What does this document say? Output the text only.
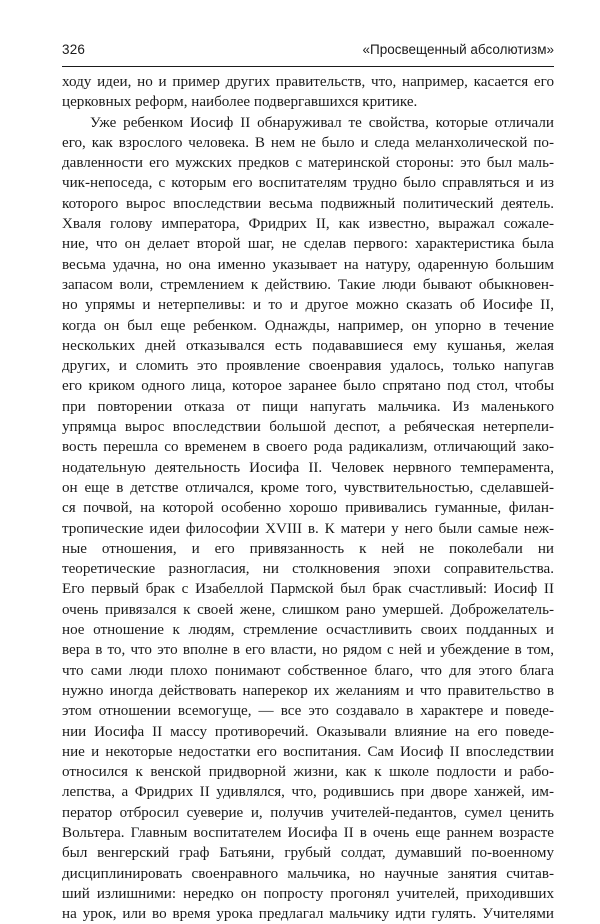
326	«Просвещенный абсолютизм»
ходу идеи, но и пример других правительств, что, например, касается его
церковных реформ, наиболее подвергавшихся критике.
Уже ребенком Иосиф II обнаруживал те свойства, которые отличали
его, как взрослого человека. В нем не было и следа меланхолической по-
давленности его мужских предков с материнской стороны: это был маль-
чик-непоседа, с которым его воспитателям трудно было справляться и из
которого вырос впоследствии весьма подвижный политический деятель.
Хваля голову императора, Фридрих II, как известно, выражал сожале-
ние, что он делает второй шаг, не сделав первого: характеристика была
весьма удачна, но она именно указывает на натуру, одаренную большим
запасом воли, стремлением к действию. Такие люди бывают обыкновен-
но упрямы и нетерпеливы: и то и другое можно сказать об Иосифе II,
когда он был еще ребенком. Однажды, например, он упорно в течение
нескольких дней отказывался есть подававшиеся ему кушанья, желая
других, и сломить это проявление своенравия удалось, только напугав
его криком одного лица, которое заранее было спрятано под стол, чтобы
при повторении отказа от пищи напугать мальчика. Из маленького
упрямца вырос впоследствии большой деспот, а ребяческая нетерпели-
вость перешла со временем в своего рода радикализм, отличающий зако-
нодательную деятельность Иосифа II. Человек нервного темперамента,
он еще в детстве отличался, кроме того, чувствительностью, сделавшей-
ся почвой, на которой особенно хорошо прививались гуманные, филан-
тропические идеи философии XVIII в. К матери у него были самые неж-
ные отношения, и его привязанность к ней не поколебали ни
теоретические разногласия, ни столкновения эпохи соправительства.
Его первый брак с Изабеллой Пармской был брак счастливый: Иосиф II
очень привязался к своей жене, слишком рано умершей. Доброжелатель-
ное отношение к людям, стремление осчастливить своих подданных и
вера в то, что это вполне в его власти, но рядом с ней и убеждение в том,
что сами люди плохо понимают собственное благо, что для этого блага
нужно иногда действовать наперекор их желаниям и что правительство в
этом отношении всемогуще, — все это создавало в характере и поведе-
нии Иосифа II массу противоречий. Оказывали влияние на его поведе-
ние и некоторые недостатки его воспитания. Сам Иосиф II впоследствии
относился к венской придворной жизни, как к школе подлости и рабо-
лепства, а Фридрих II удивлялся, что, родившись при дворе ханжей, им-
ператор отбросил суеверие и, получив учителей-педантов, сумел ценить
Вольтера. Главным воспитателем Иосифа II в очень еще раннем возрасте
был венгерский граф Батьяни, грубый солдат, думавший по-военному
дисциплинировать своенравного мальчика, но научные занятия считав-
ший излишними: нередко он попросту прогонял учителей, приходивших
на урок, или во время урока предлагал мальчику идти гулять. Учителями
